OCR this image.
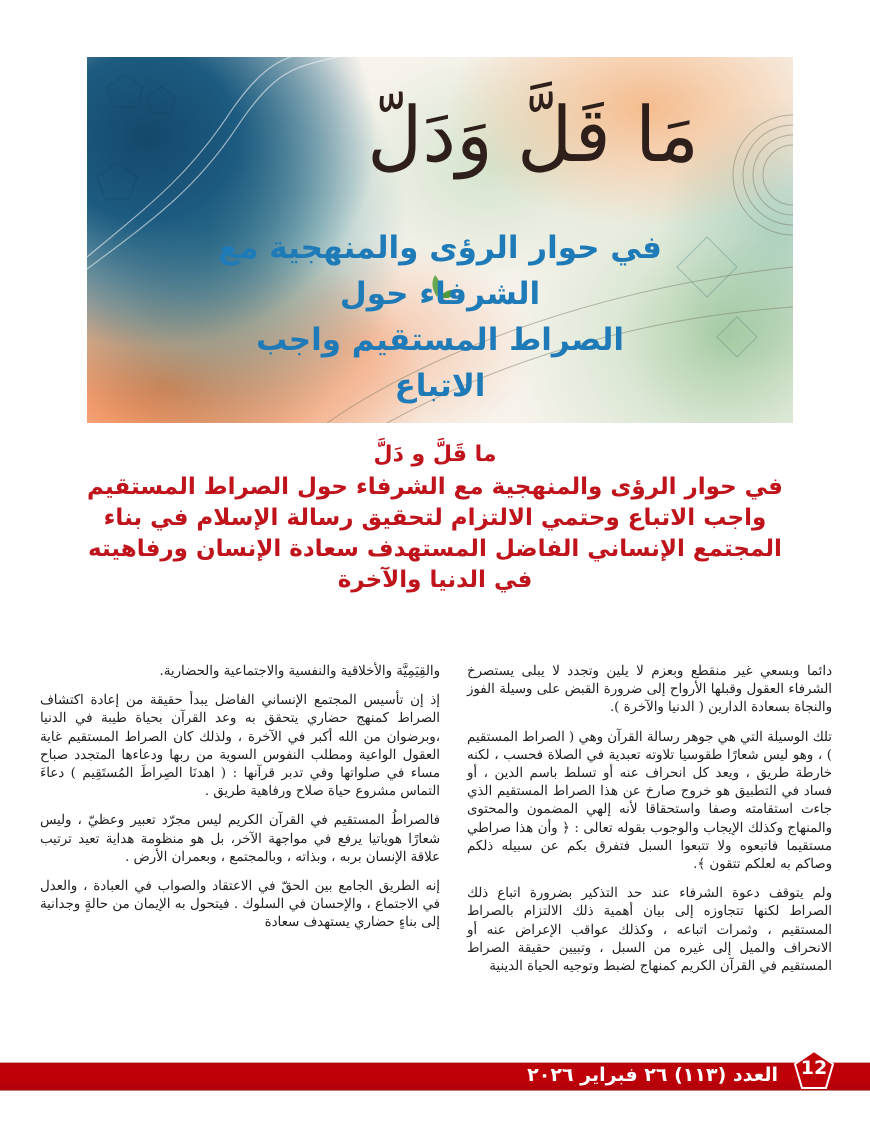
مَا قَلَّ وَدَلّ
في حوار الرؤى والمنهجية مع
الشرفاء حول
الصراط المستقيم واجب
الاتباع
ما قَلَّ و دَلَّ
في حوار الرؤى والمنهجية مع الشرفاء حول الصراط المستقيم
واجب الاتباع وحتمي الالتزام لتحقيق رسالة الإسلام في بناء
المجتمع الإنساني الفاضل المستهدف سعادة الإنسان ورفاهيته
في الدنيا والآخرة

دائما وبسعي غير منقطع وبعزم لا يلين وتجدد لا يبلى يستصرخ الشرفاء العقول وقبلها الأرواح إلى ضرورة القبض على وسيلة الفوز والنجاة بسعادة الدارين ( الدنيا والآخرة ).

تلك الوسيلة التي هي جوهر رسالة القرآن وهي ( الصراط المستقيم ) ، وهو ليس شعارًا طقوسيا تلاوته تعبدية في الصلاة فحسب ، لكنه خارطة طريق ، ويعد كل انحراف عنه أو تسلط باسم الدين ، أو فساد في التطبيق هو خروج صارخ عن هذا الصراط المستقيم الذي جاءت استقامته وصفا واستحقاقا لأنه إلهي المضمون والمحتوى والمنهاج وكذلك الإيجاب والوجوب بقوله تعالى : ﴿ وأن هذا صراطي مستقيما فاتبعوه ولا تتبعوا السبل فتفرق بكم عن سبيله ذلكم وصاكم به لعلكم تتقون ﴾.

ولم يتوقف دعوة الشرفاء عند حد التذكير بضرورة اتباع ذلك الصراط لكنها تتجاوزه إلى بيان أهمية ذلك الالتزام بالصراط المستقيم ، وثمرات اتباعه ، وكذلك عواقب الإعراض عنه أو الانحراف والميل إلى غيره من السبل ، وتبيين حقيقة الصراط المستقيم في القرآن الكريم كمنهاج لضبط وتوجيه الحياة الدينية

والقِيَمِيَّة والأخلاقية والنفسية والاجتماعية والحضارية.

إذ إن تأسيس المجتمع الإنساني الفاضل يبدأ حقيقة من إعادة اكتشاف الصراط كمنهج حضاري يتحقق به وعد القرآن بحياة طيبة في الدنيا ،وبرضوان من الله أكبر في الآخرة ، ولذلك كان الصراط المستقيم غاية العقول الواعية ومطلب النفوس السوية من ربها ودعاءها المتجدد صباح مساء في صلواتها وفي تدبر قرآنها : ( اهدنَا الصِراطَ المُستَقِيم ) دعاءَ التماس مشروع حياة صلاح ورفاهية طريق .

فالصراطُ المستقيم في القرآن الكريم ليس مجرّد تعبير وعظيّ ، وليس شعارًا هوياتيا يرفع في مواجهة الآخر، بل هو منظومة هداية تعيد ترتيب علاقة الإنسان بربه ، وبذاته ، وبالمجتمع ، وبعمران الأرض .

إنه الطريق الجامع بين الحقّ في الاعتقاد والصواب في العبادة ، والعدل في الاجتماع ، والإحسان في السلوك . فيتحول به الإيمان من حالةٍ وجدانية إلى بناءٍ حضاري يستهدف سعادة

العدد (١١٣) ٢٦ فبراير ٢٠٢٦	12
